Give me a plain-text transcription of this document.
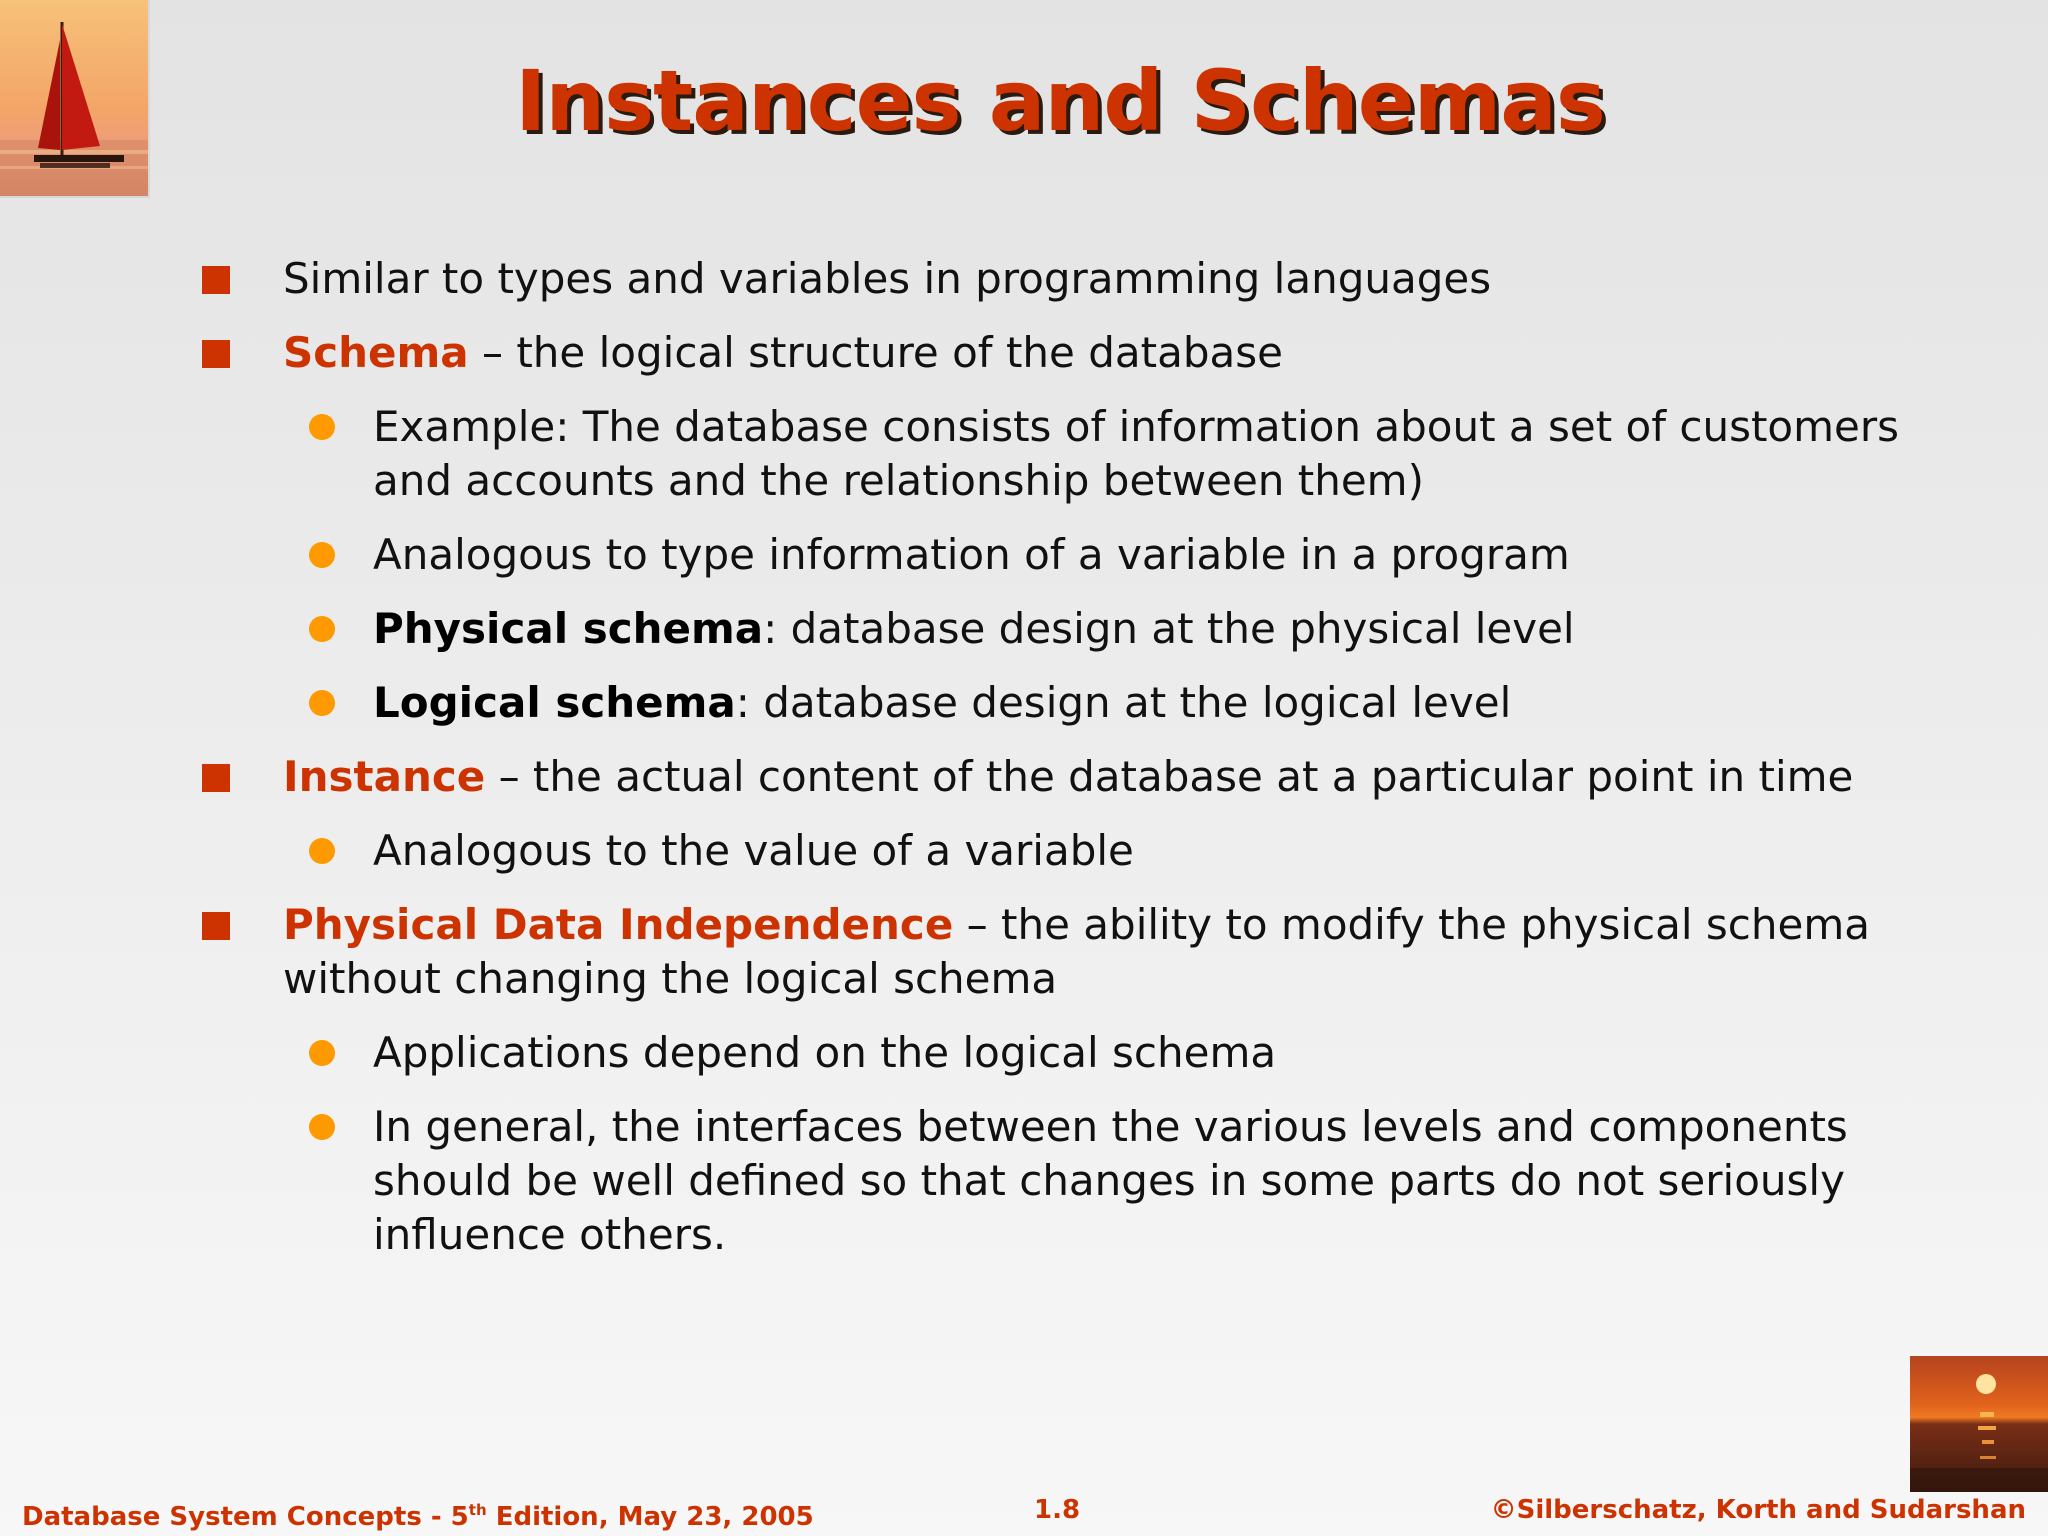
Instances and Schemas
Similar to types and variables in programming languages
Schema – the logical structure of the database
Example: The database consists of information about a set of customers and accounts and the relationship between them)
Analogous to type information of a variable in a program
Physical schema: database design at the physical level
Logical schema: database design at the logical level
Instance – the actual content of the database at a particular point in time
Analogous to the value of a variable
Physical Data Independence – the ability to modify the physical schema without changing the logical schema
Applications depend on the logical schema
In general, the interfaces between the various levels and components should be well defined so that changes in some parts do not seriously influence others.
Database System Concepts - 5th Edition, May 23, 2005	1.8	©Silberschatz, Korth and Sudarshan
